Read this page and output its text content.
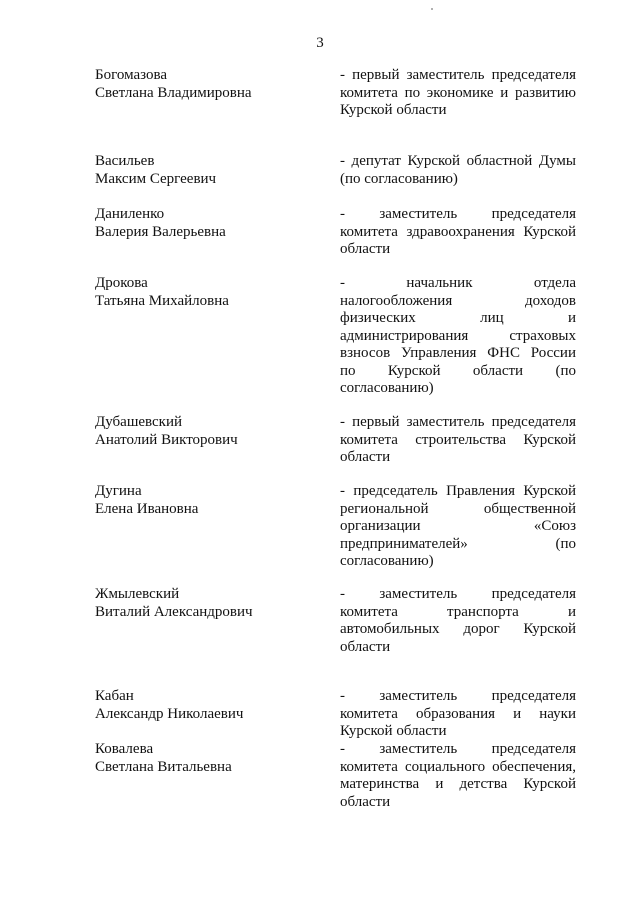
3
Богомазова
Светлана Владимировна
- первый заместитель председателя
комитета по экономике и развитию
Курской области
Васильев
Максим Сергеевич
- депутат Курской областной Думы
(по согласованию)
Даниленко
Валерия Валерьевна
- заместитель председателя
комитета здравоохранения Курской
области
Дрокова
Татьяна Михайловна
- начальник отдела
налогообложения доходов
физических лиц и
администрирования страховых
взносов Управления ФНС России
по Курской области (по
согласованию)
Дубашевский
Анатолий Викторович
- первый заместитель председателя
комитета строительства Курской
области
Дугина
Елена Ивановна
- председатель Правления Курской
региональной общественной
организации «Союз
предпринимателей» (по
согласованию)
Жмылевский
Виталий Александрович
- заместитель председателя
комитета транспорта и
автомобильных дорог Курской
области
Кабан
Александр Николаевич
- заместитель председателя
комитета образования и науки
Курской области
Ковалева
Светлана Витальевна
- заместитель председателя
комитета социального обеспечения,
материнства и детства Курской
области
